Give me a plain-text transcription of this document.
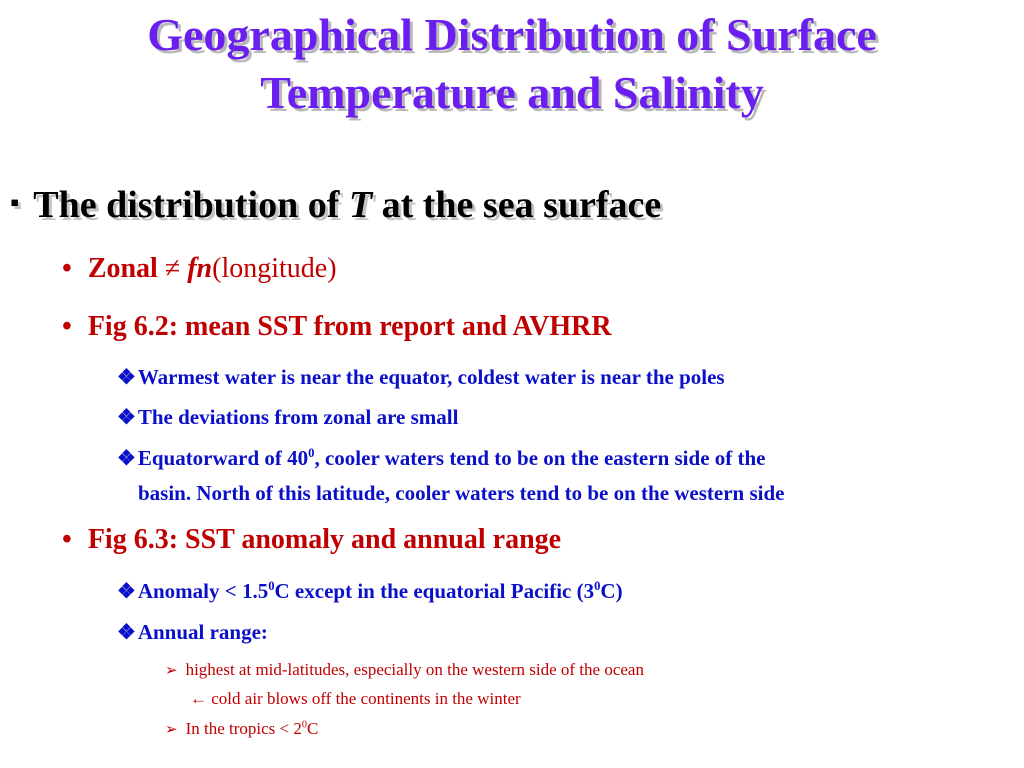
Geographical Distribution of Surface
Temperature and Salinity
▪ The distribution of T at the sea surface
• Zonal ≠ fn(longitude)
• Fig 6.2: mean SST from report and AVHRR
❖Warmest water is near the equator, coldest water is near the poles
❖The deviations from zonal are small
❖Equatorward of $40^0$, cooler waters tend to be on the eastern side of the
basin. North of this latitude, cooler waters tend to be on the western side
• Fig 6.3: SST anomaly and annual range
❖Anomaly < $1.5^0C$ except in the equatorial Pacific $(3^0C)$
❖Annual range:
➢ highest at mid-latitudes, especially on the western side of the ocean
← cold air blows off the continents in the winter
➢ In the tropics < $2^0C$
